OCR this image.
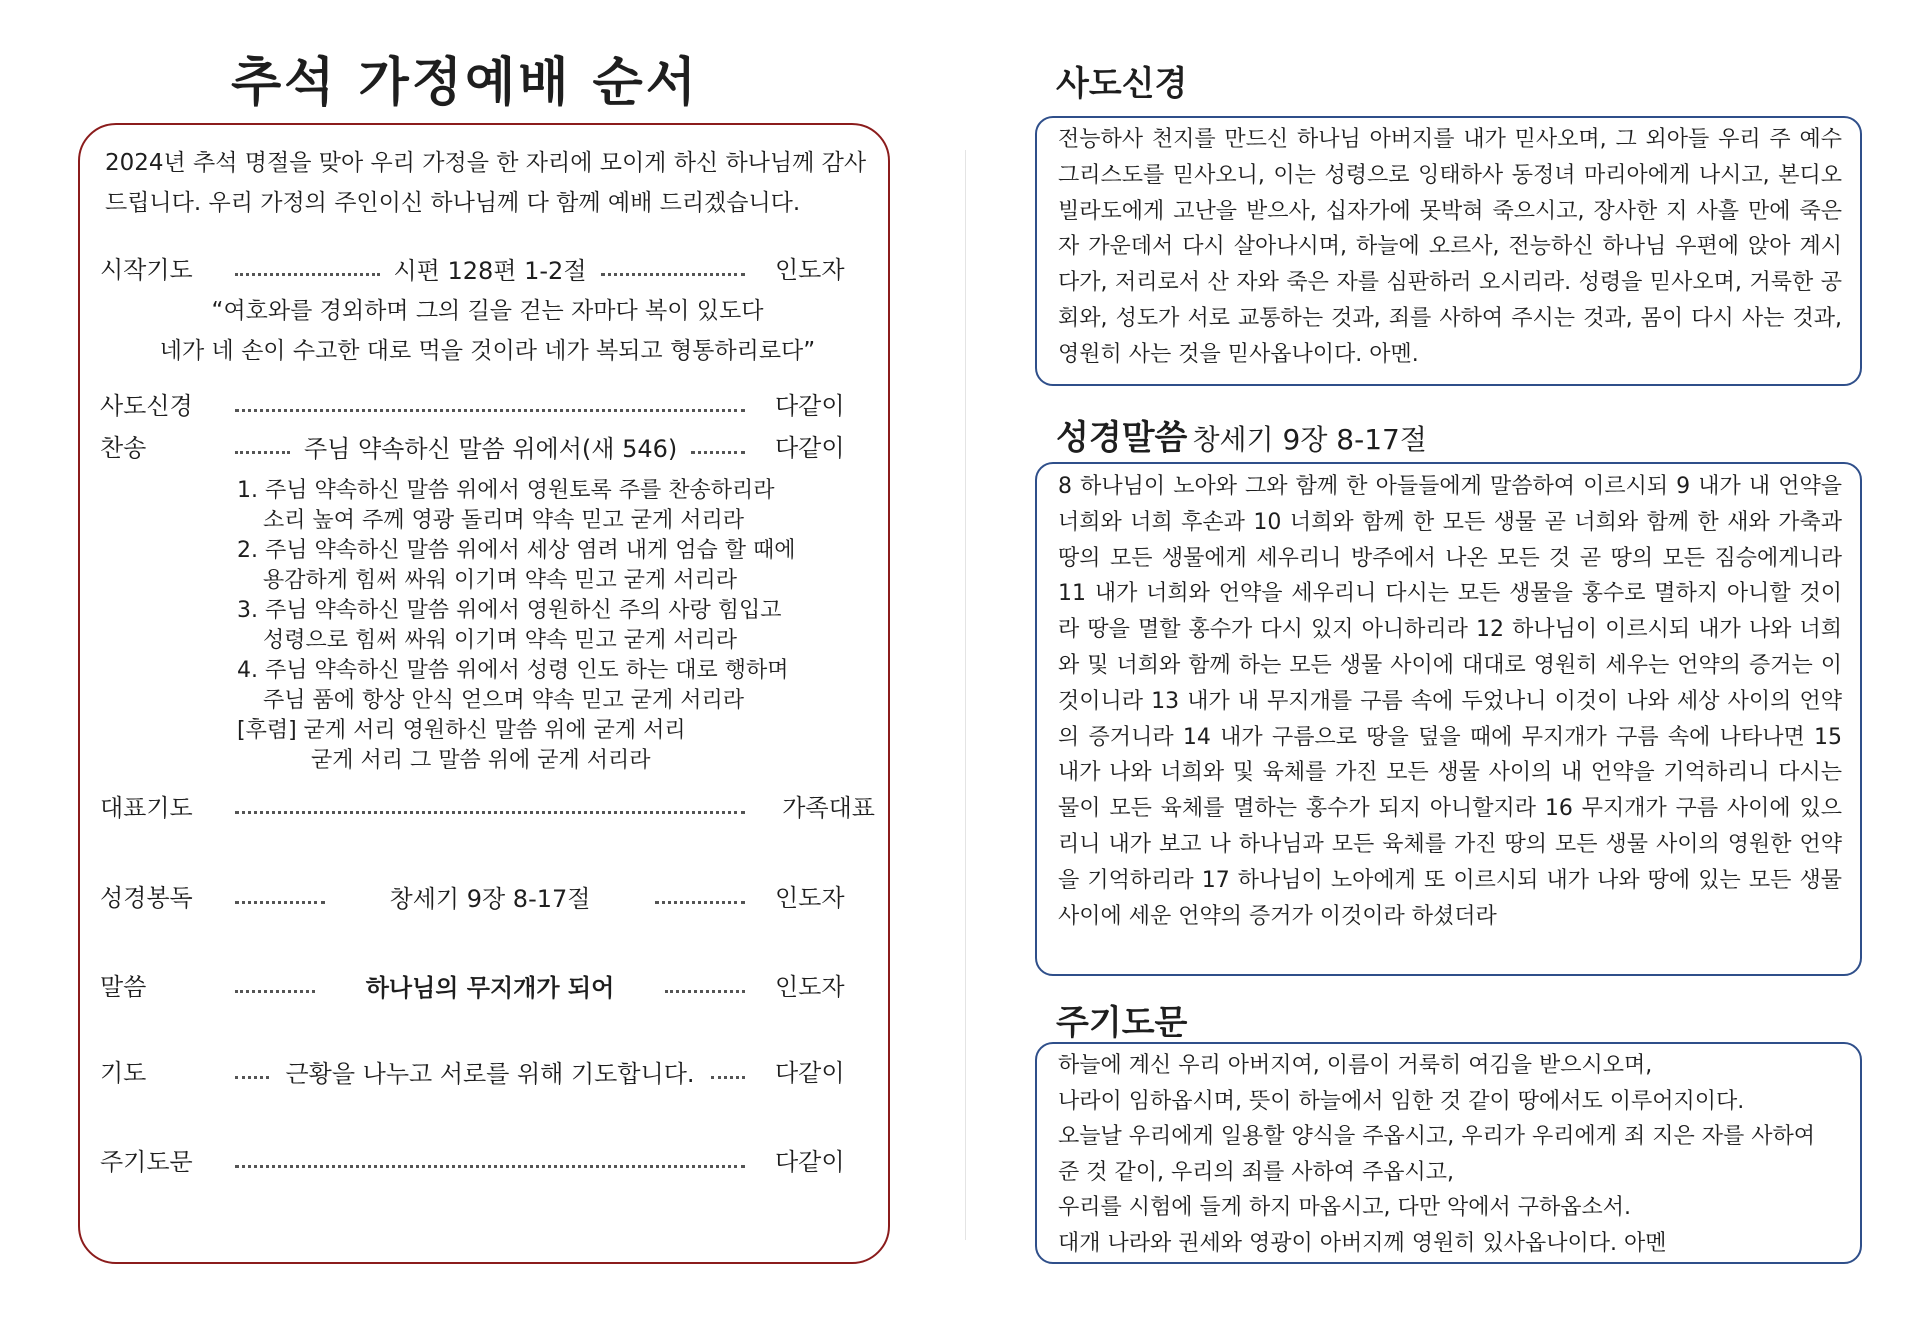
추석 가정예배 순서
2024년 추석 명절을 맞아 우리 가정을 한 자리에 모이게 하신 하나님께 감사드립니다. 우리 가정의 주인이신 하나님께 다 함께 예배 드리겠습니다.
시작기도	시편 128편 1-2절	인도자
“여호와를 경외하며 그의 길을 걷는 자마다 복이 있도다
네가 네 손이 수고한 대로 먹을 것이라 네가 복되고 형통하리로다”
사도신경	다같이
찬송	주님 약속하신 말씀 위에서(새 546)	다같이
1. 주님 약속하신 말씀 위에서 영원토록 주를 찬송하리라
소리 높여 주께 영광 돌리며 약속 믿고 굳게 서리라
2. 주님 약속하신 말씀 위에서 세상 염려 내게 엄습 할 때에
용감하게 힘써 싸워 이기며 약속 믿고 굳게 서리라
3. 주님 약속하신 말씀 위에서 영원하신 주의 사랑 힘입고
성령으로 힘써 싸워 이기며 약속 믿고 굳게 서리라
4. 주님 약속하신 말씀 위에서 성령 인도 하는 대로 행하며
주님 품에 항상 안식 얻으며 약속 믿고 굳게 서리라
[후렴] 굳게 서리 영원하신 말씀 위에 굳게 서리
굳게 서리 그 말씀 위에 굳게 서리라
대표기도	가족대표
성경봉독	창세기 9장 8-17절	인도자
말씀	하나님의 무지개가 되어	인도자
기도	근황을 나누고 서로를 위해 기도합니다.	다같이
주기도문	다같이
사도신경
전능하사 천지를 만드신 하나님 아버지를 내가 믿사오며, 그 외아들 우리 주 예수 그리스도를 믿사오니, 이는 성령으로 잉태하사 동정녀 마리아에게 나시고, 본디오 빌라도에게 고난을 받으사, 십자가에 못박혀 죽으시고, 장사한 지 사흘 만에 죽은 자 가운데서 다시 살아나시며, 하늘에 오르사, 전능하신 하나님 우편에 앉아 계시다가, 저리로서 산 자와 죽은 자를 심판하러 오시리라. 성령을 믿사오며, 거룩한 공회와, 성도가 서로 교통하는 것과, 죄를 사하여 주시는 것과, 몸이 다시 사는 것과, 영원히 사는 것을 믿사옵나이다. 아멘.
성경말씀 창세기 9장 8-17절
8 하나님이 노아와 그와 함께 한 아들들에게 말씀하여 이르시되 9 내가 내 언약을 너희와 너희 후손과 10 너희와 함께 한 모든 생물 곧 너희와 함께 한 새와 가축과 땅의 모든 생물에게 세우리니 방주에서 나온 모든 것 곧 땅의 모든 짐승에게니라 11 내가 너희와 언약을 세우리니 다시는 모든 생물을 홍수로 멸하지 아니할 것이라 땅을 멸할 홍수가 다시 있지 아니하리라 12 하나님이 이르시되 내가 나와 너희와 및 너희와 함께 하는 모든 생물 사이에 대대로 영원히 세우는 언약의 증거는 이것이니라 13 내가 내 무지개를 구름 속에 두었나니 이것이 나와 세상 사이의 언약의 증거니라 14 내가 구름으로 땅을 덮을 때에 무지개가 구름 속에 나타나면 15 내가 나와 너희와 및 육체를 가진 모든 생물 사이의 내 언약을 기억하리니 다시는 물이 모든 육체를 멸하는 홍수가 되지 아니할지라 16 무지개가 구름 사이에 있으리니 내가 보고 나 하나님과 모든 육체를 가진 땅의 모든 생물 사이의 영원한 언약을 기억하리라 17 하나님이 노아에게 또 이르시되 내가 나와 땅에 있는 모든 생물 사이에 세운 언약의 증거가 이것이라 하셨더라
주기도문
하늘에 계신 우리 아버지여, 이름이 거룩히 여김을 받으시오며,
나라이 임하옵시며, 뜻이 하늘에서 임한 것 같이 땅에서도 이루어지이다.
오늘날 우리에게 일용할 양식을 주옵시고, 우리가 우리에게 죄 지은 자를 사하여
준 것 같이, 우리의 죄를 사하여 주옵시고,
우리를 시험에 들게 하지 마옵시고, 다만 악에서 구하옵소서.
대개 나라와 권세와 영광이 아버지께 영원히 있사옵나이다. 아멘
